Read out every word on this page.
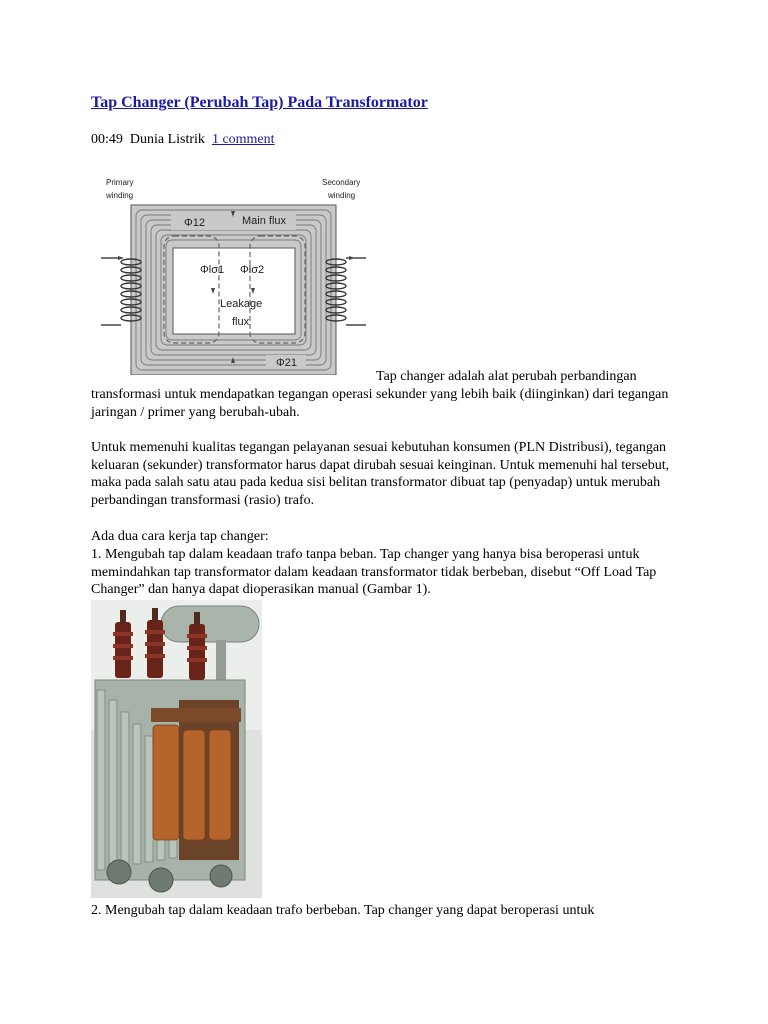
Tap Changer (Perubah Tap) Pada Transformator
00:49 Dunia Listrik 1 comment
Primary
winding
Secondary
winding
Φ12	Main flux
Φlσ1 Φlσ2
Leakage
flux
Φ21
Tap changer adalah alat perubah perbandingan

transformasi untuk mendapatkan tegangan operasi sekunder yang lebih baik (diinginkan) dari tegangan jaringan / primer yang berubah-ubah.

Untuk memenuhi kualitas tegangan pelayanan sesuai kebutuhan konsumen (PLN Distribusi), tegangan keluaran (sekunder) transformator harus dapat dirubah sesuai keinginan. Untuk memenuhi hal tersebut, maka pada salah satu atau pada kedua sisi belitan transformator dibuat tap (penyadap) untuk merubah perbandingan transformasi (rasio) trafo.

Ada dua cara kerja tap changer:

1. Mengubah tap dalam keadaan trafo tanpa beban. Tap changer yang hanya bisa beroperasi untuk memindahkan tap transformator dalam keadaan transformator tidak berbeban, disebut “Off Load Tap Changer” dan hanya dapat dioperasikan manual (Gambar 1).

2. Mengubah tap dalam keadaan trafo berbeban. Tap changer yang dapat beroperasi untuk
